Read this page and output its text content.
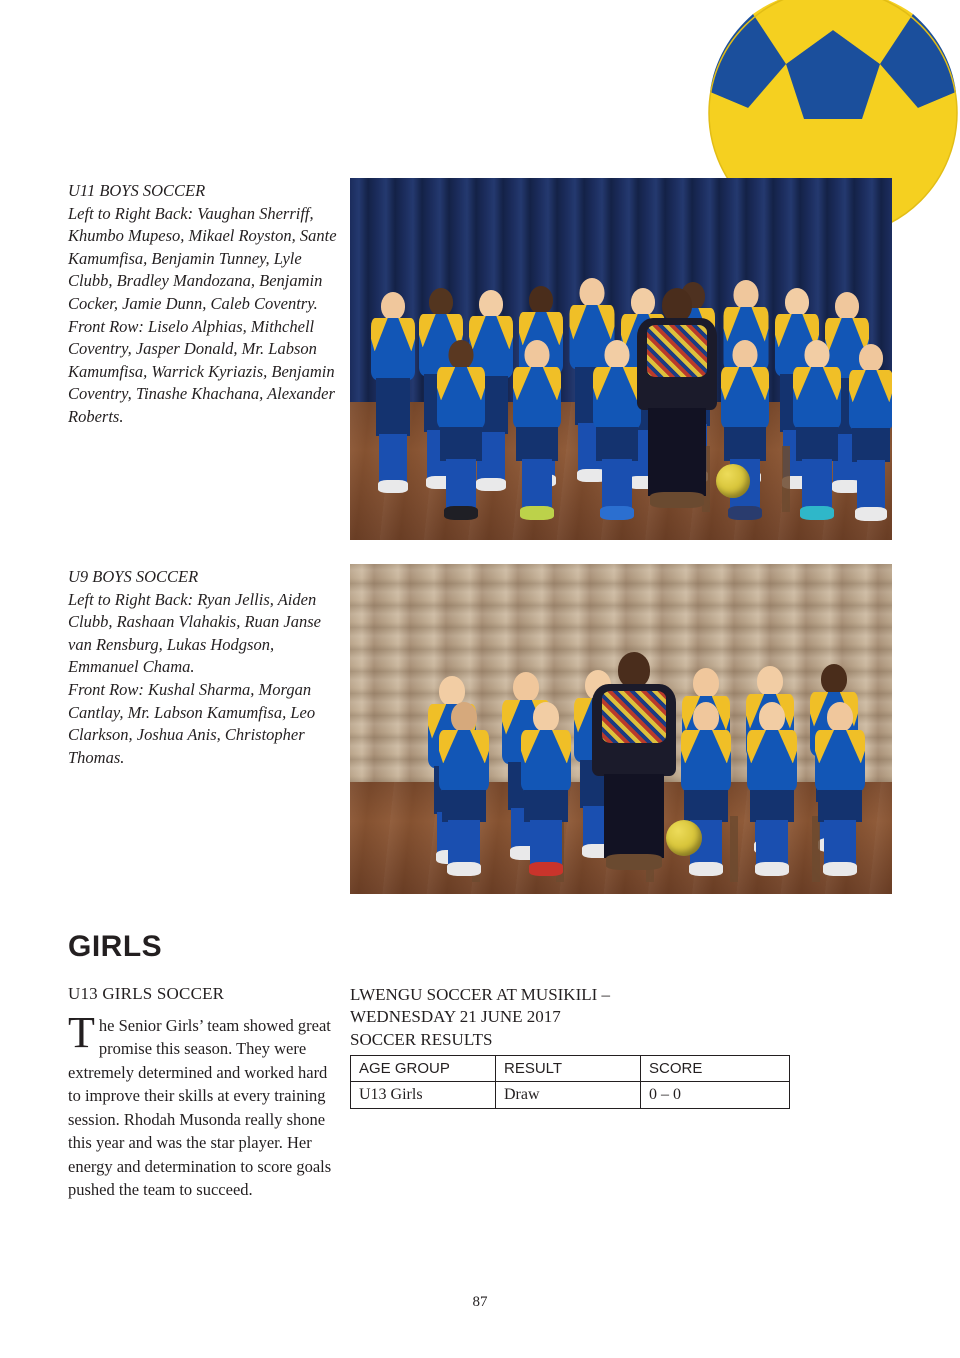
U11 BOYS SOCCER

Left to Right Back: Vaughan Sherriff, Khumbo Mupeso, Mikael Royston, Sante Kamumfisa, Benjamin Tunney, Lyle Clubb, Bradley Mandozana, Benjamin Cocker, Jamie Dunn, Caleb Coventry.

Front Row: Liselo Alphias, Mithchell Coventry, Jasper Donald, Mr. Labson Kamumfisa, Warrick Kyriazis, Benjamin Coventry, Tinashe Khachana, Alexander Roberts.

U9 BOYS SOCCER

Left to Right Back: Ryan Jellis, Aiden Clubb, Rashaan Vlahakis, Ruan Janse van Rensburg, Lukas Hodgson, Emmanuel Chama.

Front Row: Kushal Sharma, Morgan Cantlay, Mr. Labson Kamumfisa, Leo Clarkson, Joshua Anis, Christopher Thomas.

GIRLS
U13 GIRLS SOCCER
The Senior Girls’ team showed great promise this season. They were extremely determined and worked hard to improve their skills at every training session. Rhodah Musonda really shone this year and was the star player. Her energy and determination to score goals pushed the team to succeed.
LWENGU SOCCER AT MUSIKILI –
WEDNESDAY 21 JUNE 2017
SOCCER RESULTS
AGE GROUP	RESULT	SCORE
U13 Girls	Draw	0 – 0
87
